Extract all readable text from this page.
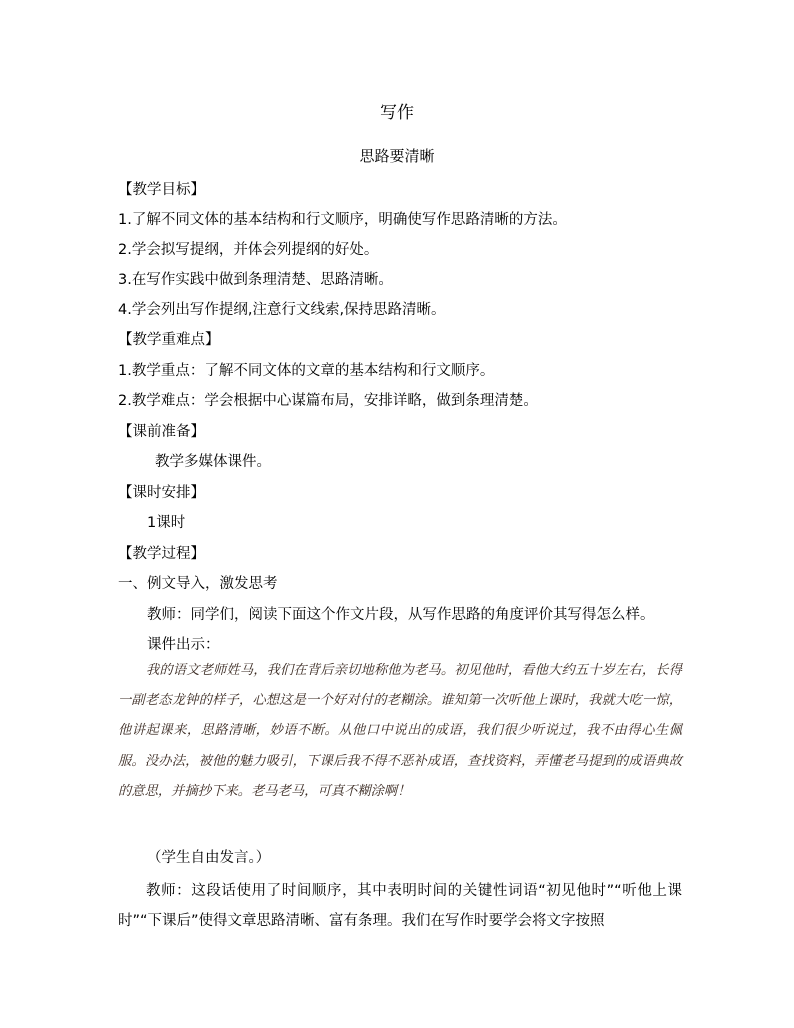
写作
思路要清晰
【教学目标】
1.了解不同文体的基本结构和行文顺序，明确使写作思路清晰的方法。
2.学会拟写提纲，并体会列提纲的好处。
3.在写作实践中做到条理清楚、思路清晰。
4.学会列出写作提纲,注意行文线索,保持思路清晰。
【教学重难点】
1.教学重点：了解不同文体的文章的基本结构和行文顺序。
2.教学难点：学会根据中心谋篇布局，安排详略，做到条理清楚。
【课前准备】
教学多媒体课件。
【课时安排】
1课时
【教学过程】
一、例文导入，激发思考
教师：同学们，阅读下面这个作文片段，从写作思路的角度评价其写得怎么样。
课件出示：

我的语文老师姓马，我们在背后亲切地称他为老马。初见他时，看他大约五十岁左右，长得一副老态龙钟的样子，心想这是一个好对付的老糊涂。谁知第一次听他上课时，我就大吃一惊，他讲起课来，思路清晰，妙语不断。从他口中说出的成语，我们很少听说过，我不由得心生佩服。没办法，被他的魅力吸引，下课后我不得不恶补成语，查找资料，弄懂老马提到的成语典故的意思，并摘抄下来。老马老马，可真不糊涂啊！

（学生自由发言。）

教师：这段话使用了时间顺序，其中表明时间的关键性词语“初见他时”“听他上课时”“下课后”使得文章思路清晰、富有条理。我们在写作时要学会将文字按照
